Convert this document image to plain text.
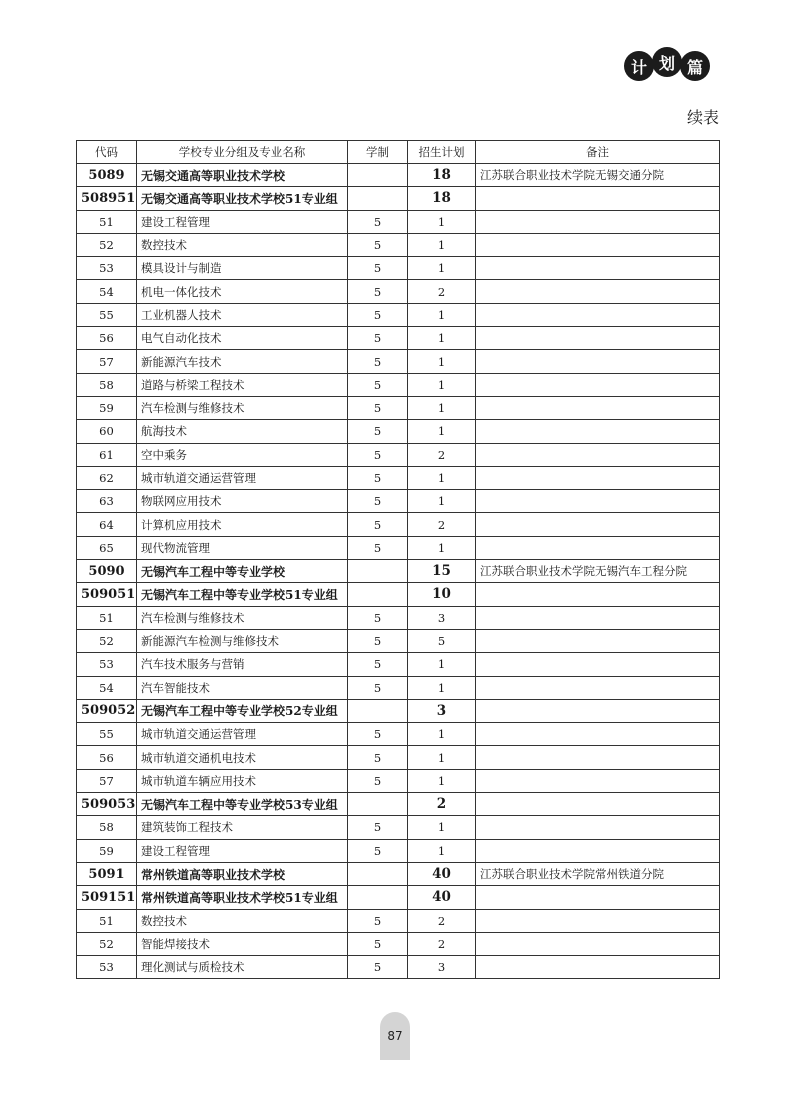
计 划 篇
续表
代码	学校专业分组及专业名称	学制	招生计划	备注
5089	无锡交通高等职业技术学校		18	江苏联合职业技术学院无锡交通分院
508951	无锡交通高等职业技术学校51专业组		18	
51	建设工程管理	5	1	
52	数控技术	5	1	
53	模具设计与制造	5	1	
54	机电一体化技术	5	2	
55	工业机器人技术	5	1	
56	电气自动化技术	5	1	
57	新能源汽车技术	5	1	
58	道路与桥梁工程技术	5	1	
59	汽车检测与维修技术	5	1	
60	航海技术	5	1	
61	空中乘务	5	2	
62	城市轨道交通运营管理	5	1	
63	物联网应用技术	5	1	
64	计算机应用技术	5	2	
65	现代物流管理	5	1	
5090	无锡汽车工程中等专业学校		15	江苏联合职业技术学院无锡汽车工程分院
509051	无锡汽车工程中等专业学校51专业组		10	
51	汽车检测与维修技术	5	3	
52	新能源汽车检测与维修技术	5	5	
53	汽车技术服务与营销	5	1	
54	汽车智能技术	5	1	
509052	无锡汽车工程中等专业学校52专业组		3	
55	城市轨道交通运营管理	5	1	
56	城市轨道交通机电技术	5	1	
57	城市轨道车辆应用技术	5	1	
509053	无锡汽车工程中等专业学校53专业组		2	
58	建筑装饰工程技术	5	1	
59	建设工程管理	5	1	
5091	常州铁道高等职业技术学校		40	江苏联合职业技术学院常州铁道分院
509151	常州铁道高等职业技术学校51专业组		40	
51	数控技术	5	2	
52	智能焊接技术	5	2	
53	理化测试与质检技术	5	3	
87
